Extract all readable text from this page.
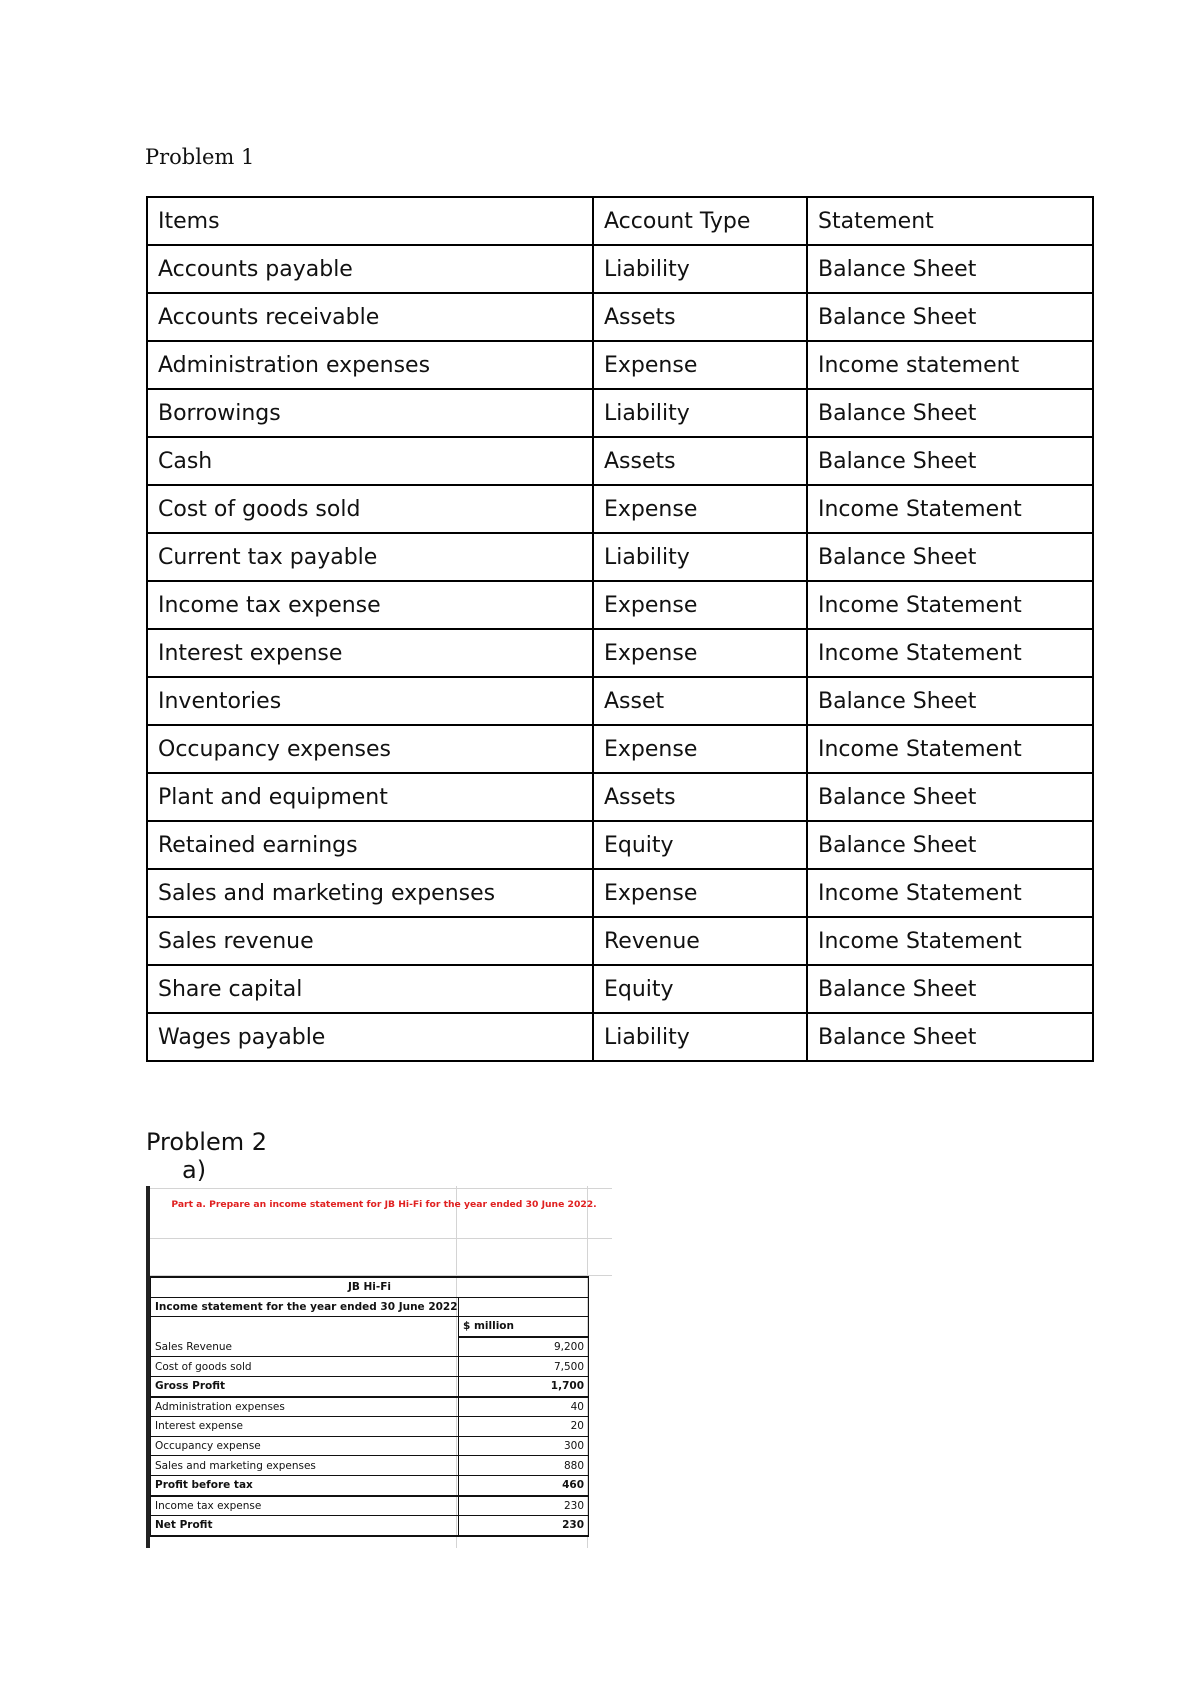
Problem 1
Items	Account Type	Statement
Accounts payable	Liability	Balance Sheet
Accounts receivable	Assets	Balance Sheet
Administration expenses	Expense	Income statement
Borrowings	Liability	Balance Sheet
Cash	Assets	Balance Sheet
Cost of goods sold	Expense	Income Statement
Current tax payable	Liability	Balance Sheet
Income tax expense	Expense	Income Statement
Interest expense	Expense	Income Statement
Inventories	Asset	Balance Sheet
Occupancy expenses	Expense	Income Statement
Plant and equipment	Assets	Balance Sheet
Retained earnings	Equity	Balance Sheet
Sales and marketing expenses	Expense	Income Statement
Sales revenue	Revenue	Income Statement
Share capital	Equity	Balance Sheet
Wages payable	Liability	Balance Sheet
Problem 2
a)
Part a. Prepare an income statement for JB Hi-Fi for the year ended 30 June 2022.
JB Hi-Fi	
Income statement for the year ended 30 June 2022	
	$ million
Sales Revenue	9,200
Cost of goods sold	7,500
Gross Profit	1,700
Administration expenses	40
Interest expense	20
Occupancy expense	300
Sales and marketing expenses	880
Profit before tax	460
Income tax expense	230
Net Profit	230
